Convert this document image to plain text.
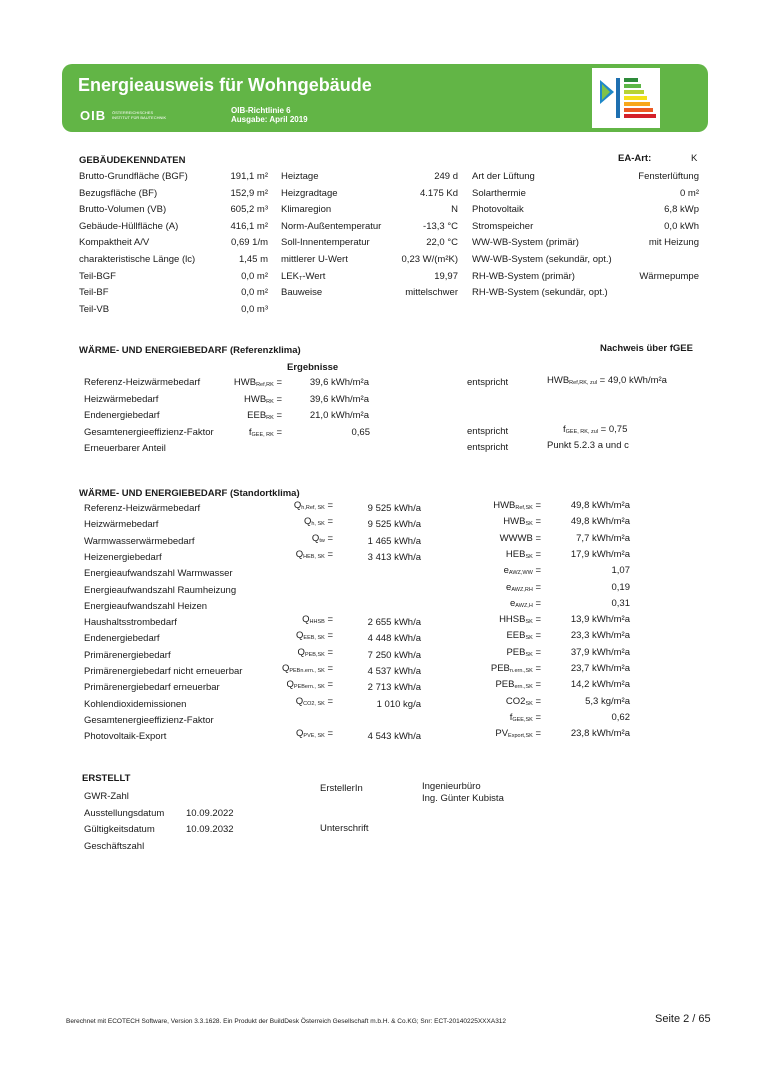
Energieausweis für Wohngebäude
OIB ÖSTERREICHISCHES
INSTITUT FÜR BAUTECHNIK
OIB-Richtlinie 6
Ausgabe: April 2019
GEBÄUDEKENNDATEN	EA-Art:	K
Brutto-Grundfläche (BGF)	191,1 m²
Bezugsfläche (BF)	152,9 m²
Brutto-Volumen (VB)	605,2 m³
Gebäude-Hüllfläche (A)	416,1 m²
Kompaktheit A/V	0,69 1/m
charakteristische Länge (lc)	1,45 m
Teil-BGF	0,0 m²
Teil-BF	0,0 m²
Teil-VB	0,0 m³
Heiztage	249 d
Heizgradtage	4.175 Kd
Klimaregion	N
Norm-Außentemperatur	-13,3 °C
Soll-Innentemperatur	22,0 °C
mittlerer U-Wert	0,23 W/(m²K)
LEKT-Wert	19,97
Bauweise	mittelschwer
Art der Lüftung	Fensterlüftung
Solarthermie	0 m²
Photovoltaik	6,8 kWp
Stromspeicher	0,0 kWh
WW-WB-System (primär)	mit Heizung
WW-WB-System (sekundär, opt.)
RH-WB-System (primär)	Wärmepumpe
RH-WB-System (sekundär, opt.)
WÄRME- UND ENERGIEBEDARF (Referenzklima)	Nachweis über fGEE
Ergebnisse
Referenz-Heizwärmebedarf	HWBRef,RK =	39,6 kWh/m²a
Heizwärmebedarf	HWBRK =	39,6 kWh/m²a
Endenergiebedarf	EEBRK =	21,0 kWh/m²a
Gesamtenergieeffizienz-Faktor	fGEE, RK =	0,65
Erneuerbarer Anteil
entspricht	HWBRef,RK, zul = 49,0 kWh/m²a
entspricht	fGEE, RK, zul = 0,75
entspricht	Punkt 5.2.3 a und c
WÄRME- UND ENERGIEBEDARF (Standortklima)
Referenz-Heizwärmebedarf	Qh,Ref, SK =	9 525 kWh/a	HWBRef,SK =	49,8 kWh/m²a
Heizwärmebedarf	Qh, SK =	9 525 kWh/a	HWBSK =	49,8 kWh/m²a
Warmwasserwärmebedarf	Qtw =	1 465 kWh/a	WWWB =	7,7 kWh/m²a
Heizenergiebedarf	QHEB, SK =	3 413 kWh/a	HEBSK =	17,9 kWh/m²a
Energieaufwandszahl Warmwasser	eAWZ,WW =	1,07
Energieaufwandszahl Raumheizung	eAWZ,RH =	0,19
Energieaufwandszahl Heizen	eAWZ,H =	0,31
Haushaltsstrombedarf	QHHSB =	2 655 kWh/a	HHSBSK =	13,9 kWh/m²a
Endenergiebedarf	QEEB, SK =	4 448 kWh/a	EEBSK =	23,3 kWh/m²a
Primärenergiebedarf	QPEB,SK =	7 250 kWh/a	PEBSK =	37,9 kWh/m²a
Primärenergiebedarf nicht erneuerbar	QPEBn.ern., SK =	4 537 kWh/a	PEBn.ern.,SK =	23,7 kWh/m²a
Primärenergiebedarf erneuerbar	QPEBern., SK =	2 713 kWh/a	PEBern.,SK =	14,2 kWh/m²a
Kohlendioxidemissionen	QCO2, SK =	1 010 kg/a	CO2SK =	5,3 kg/m²a
Gesamtenergieeffizienz-Faktor	fGEE,SK =	0,62
Photovoltaik-Export	QPVE, SK =	4 543 kWh/a	PVExport,SK =	23,8 kWh/m²a
ERSTELLT
GWR-Zahl
Ausstellungsdatum 10.09.2022
Gültigkeitsdatum	10.09.2032
Geschäftszahl
ErstellerIn	Ingenieurbüro
Ing. Günter Kubista
Unterschrift
Berechnet mit ECOTECH Software, Version 3.3.1628. Ein Produkt der BuildDesk Österreich Gesellschaft m.b.H. & Co.KG; Snr: ECT-20140225XXXA312	Seite 2 / 65
